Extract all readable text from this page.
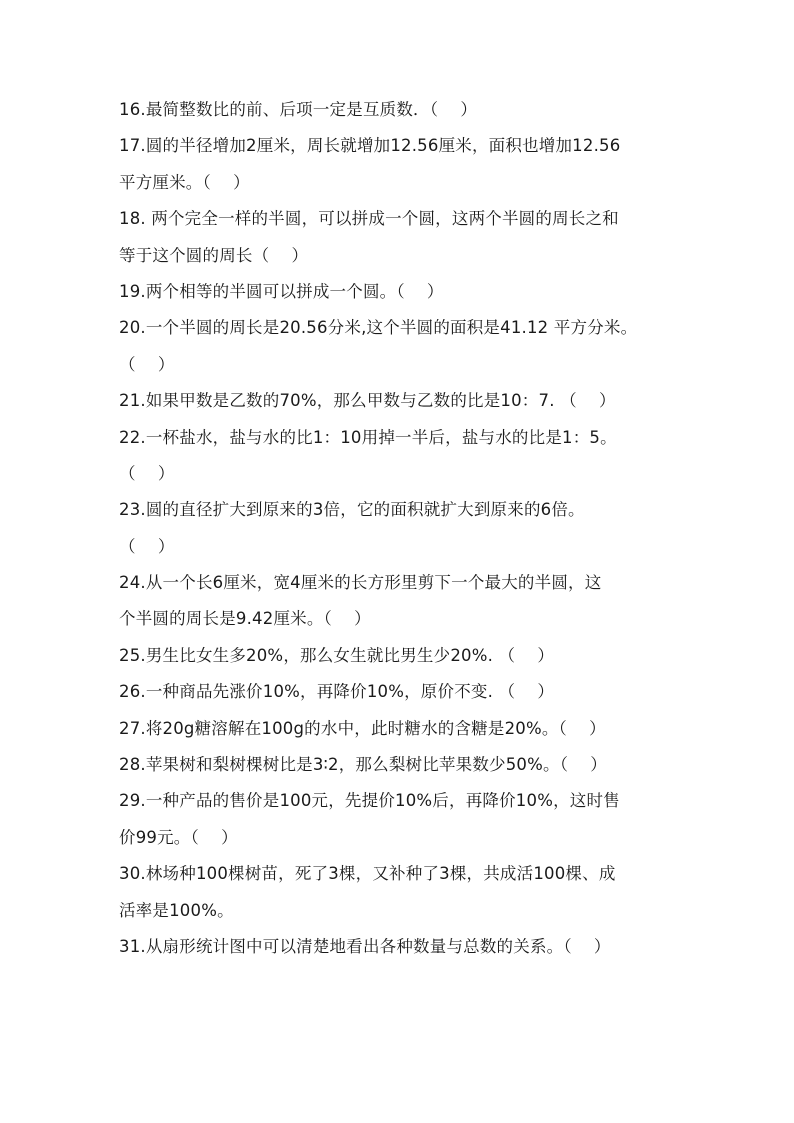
16.最简整数比的前、后项一定是互质数．（　 ）
17.圆的半径增加2厘米，周长就增加12.56厘米，面积也增加12.56
平方厘米。（　 ）
18. 两个完全一样的半圆，可以拼成一个圆，这两个半圆的周长之和
等于这个圆的周长（　 ）
19.两个相等的半圆可以拼成一个圆。（　 ）
20.一个半圆的周长是20.56分米,这个半圆的面积是41.12 平方分米。
（　 ）
21.如果甲数是乙数的70%，那么甲数与乙数的比是10：7. （　 ）
22.一杯盐水，盐与水的比1：10用掉一半后，盐与水的比是1：5。
（　 ）
23.圆的直径扩大到原来的3倍，它的面积就扩大到原来的6倍。
（　 ）
24.从一个长6厘米，宽4厘米的长方形里剪下一个最大的半圆，这
个半圆的周长是9.42厘米。（　 ）
25.男生比女生多20%，那么女生就比男生少20%. （　 ）
26.一种商品先涨价10%，再降价10%，原价不变. （　 ）
27.将20g糖溶解在100g的水中，此时糖水的含糖是20%。（　 ）
28.苹果树和梨树棵树比是3∶2，那么梨树比苹果数少50%。（　 ）
29.一种产品的售价是100元，先提价10%后，再降价10%，这时售
价99元。（　 ）
30.林场种100棵树苗，死了3棵，又补种了3棵，共成活100棵、成
活率是100%。
31.从扇形统计图中可以清楚地看出各种数量与总数的关系。（　 ）
